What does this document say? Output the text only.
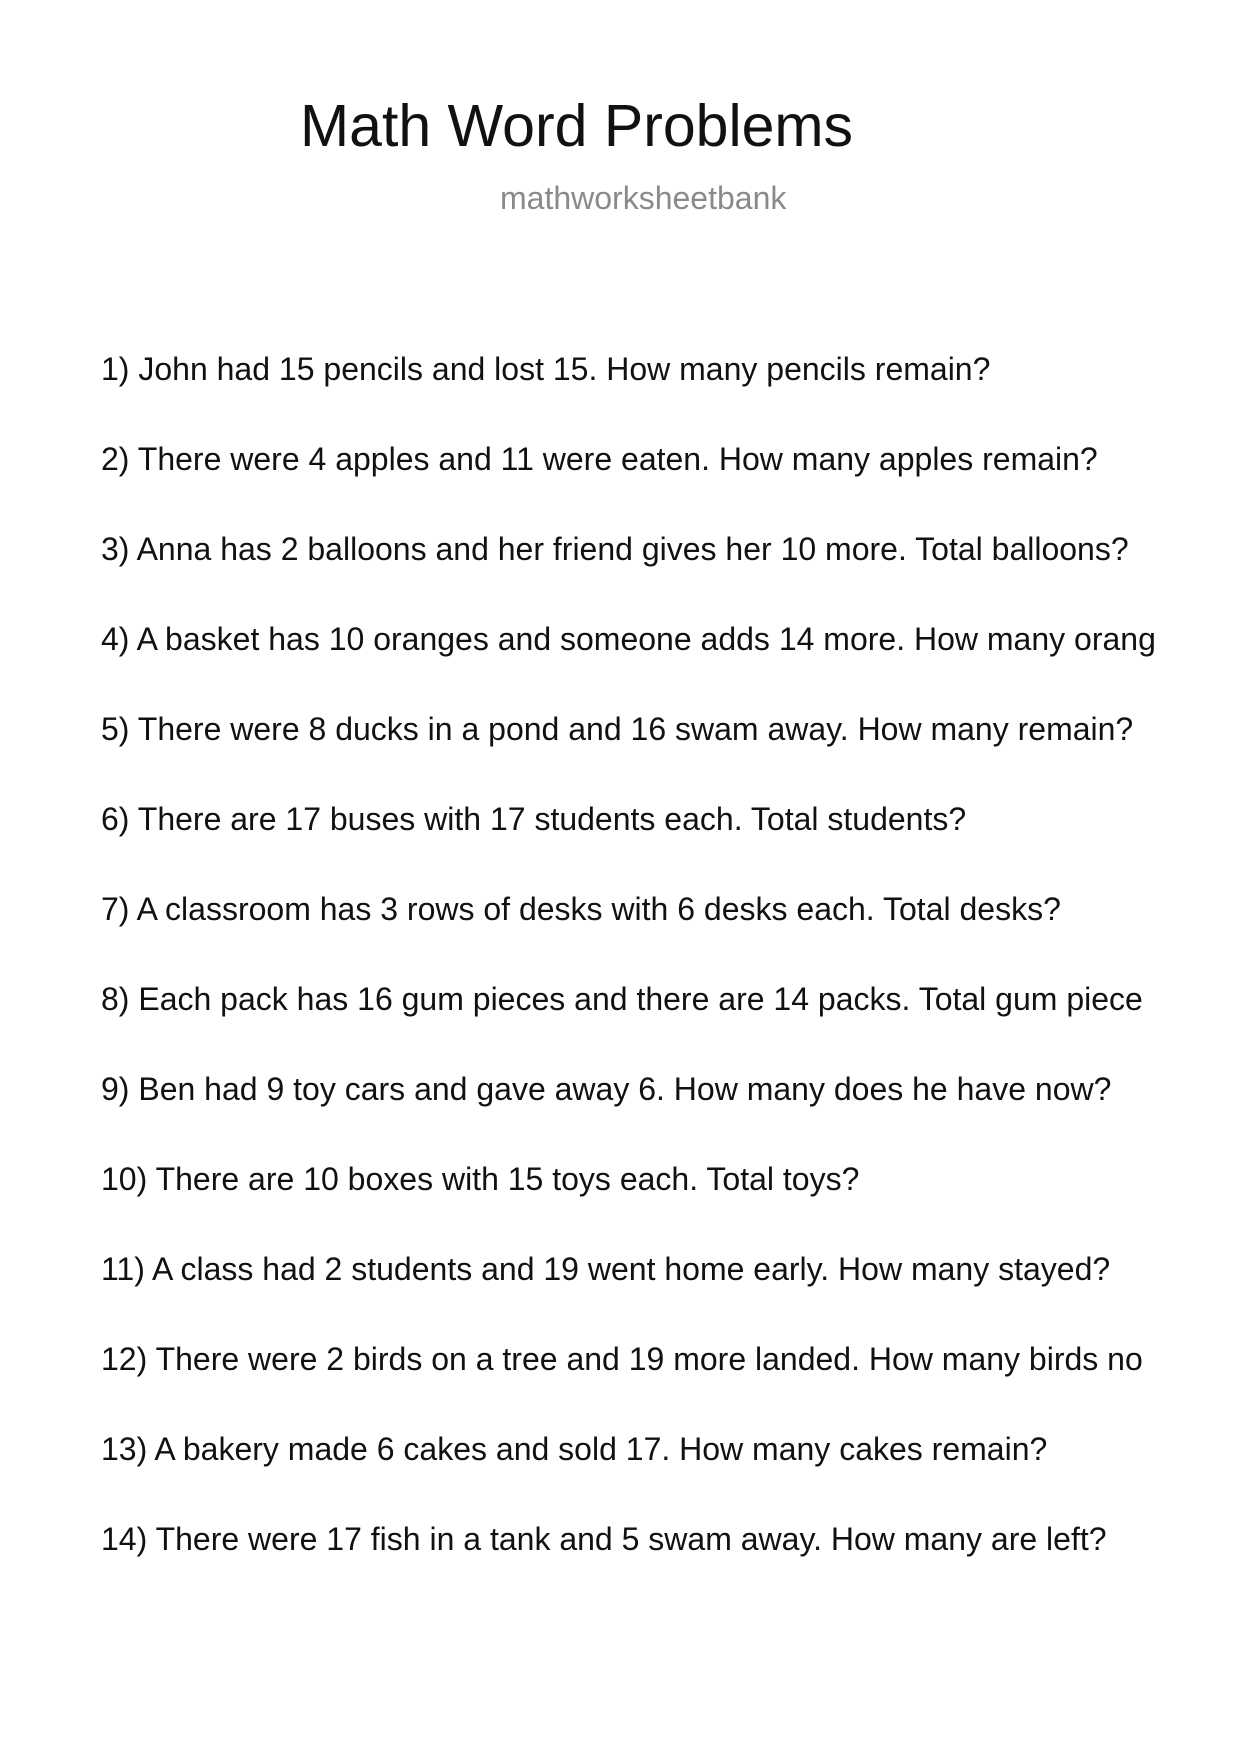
Math Word Problems
mathworksheetbank
1) John had 15 pencils and lost 15. How many pencils remain?
2) There were 4 apples and 11 were eaten. How many apples remain?
3) Anna has 2 balloons and her friend gives her 10 more. Total balloons?
4) A basket has 10 oranges and someone adds 14 more. How many orang
5) There were 8 ducks in a pond and 16 swam away. How many remain?
6) There are 17 buses with 17 students each. Total students?
7) A classroom has 3 rows of desks with 6 desks each. Total desks?
8) Each pack has 16 gum pieces and there are 14 packs. Total gum piece
9) Ben had 9 toy cars and gave away 6. How many does he have now?
10) There are 10 boxes with 15 toys each. Total toys?
11) A class had 2 students and 19 went home early. How many stayed?
12) There were 2 birds on a tree and 19 more landed. How many birds no
13) A bakery made 6 cakes and sold 17. How many cakes remain?
14) There were 17 fish in a tank and 5 swam away. How many are left?
